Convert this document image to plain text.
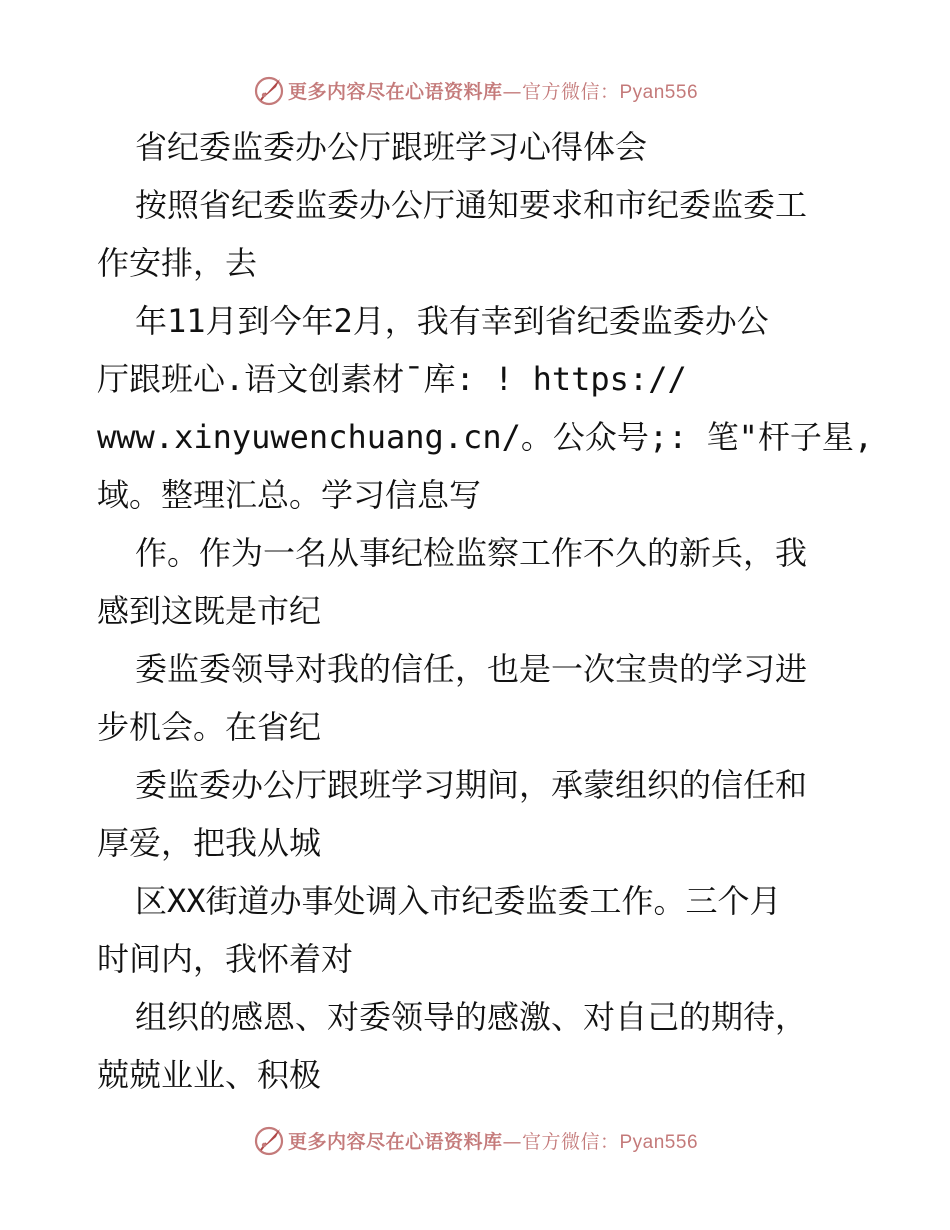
更多内容尽在心语资料库—官方微信：Pyan556
省纪委监委办公厅跟班学习心得体会
按照省纪委监委办公厅通知要求和市纪委监委工
作安排，去
年11月到今年2月，我有幸到省纪委监委办公
厅跟班心.语文创素材¯库: ! https://
www.xinyuwenchuang.cn/。公众号;: 笔"杆子星,
域。整理汇总。学习信息写
作。作为一名从事纪检监察工作不久的新兵，我
感到这既是市纪
委监委领导对我的信任，也是一次宝贵的学习进
步机会。在省纪
委监委办公厅跟班学习期间，承蒙组织的信任和
厚爱，把我从城
区XX街道办事处调入市纪委监委工作。三个月
时间内，我怀着对
组织的感恩、对委领导的感激、对自己的期待，
兢兢业业、积极
更多内容尽在心语资料库—官方微信：Pyan556
